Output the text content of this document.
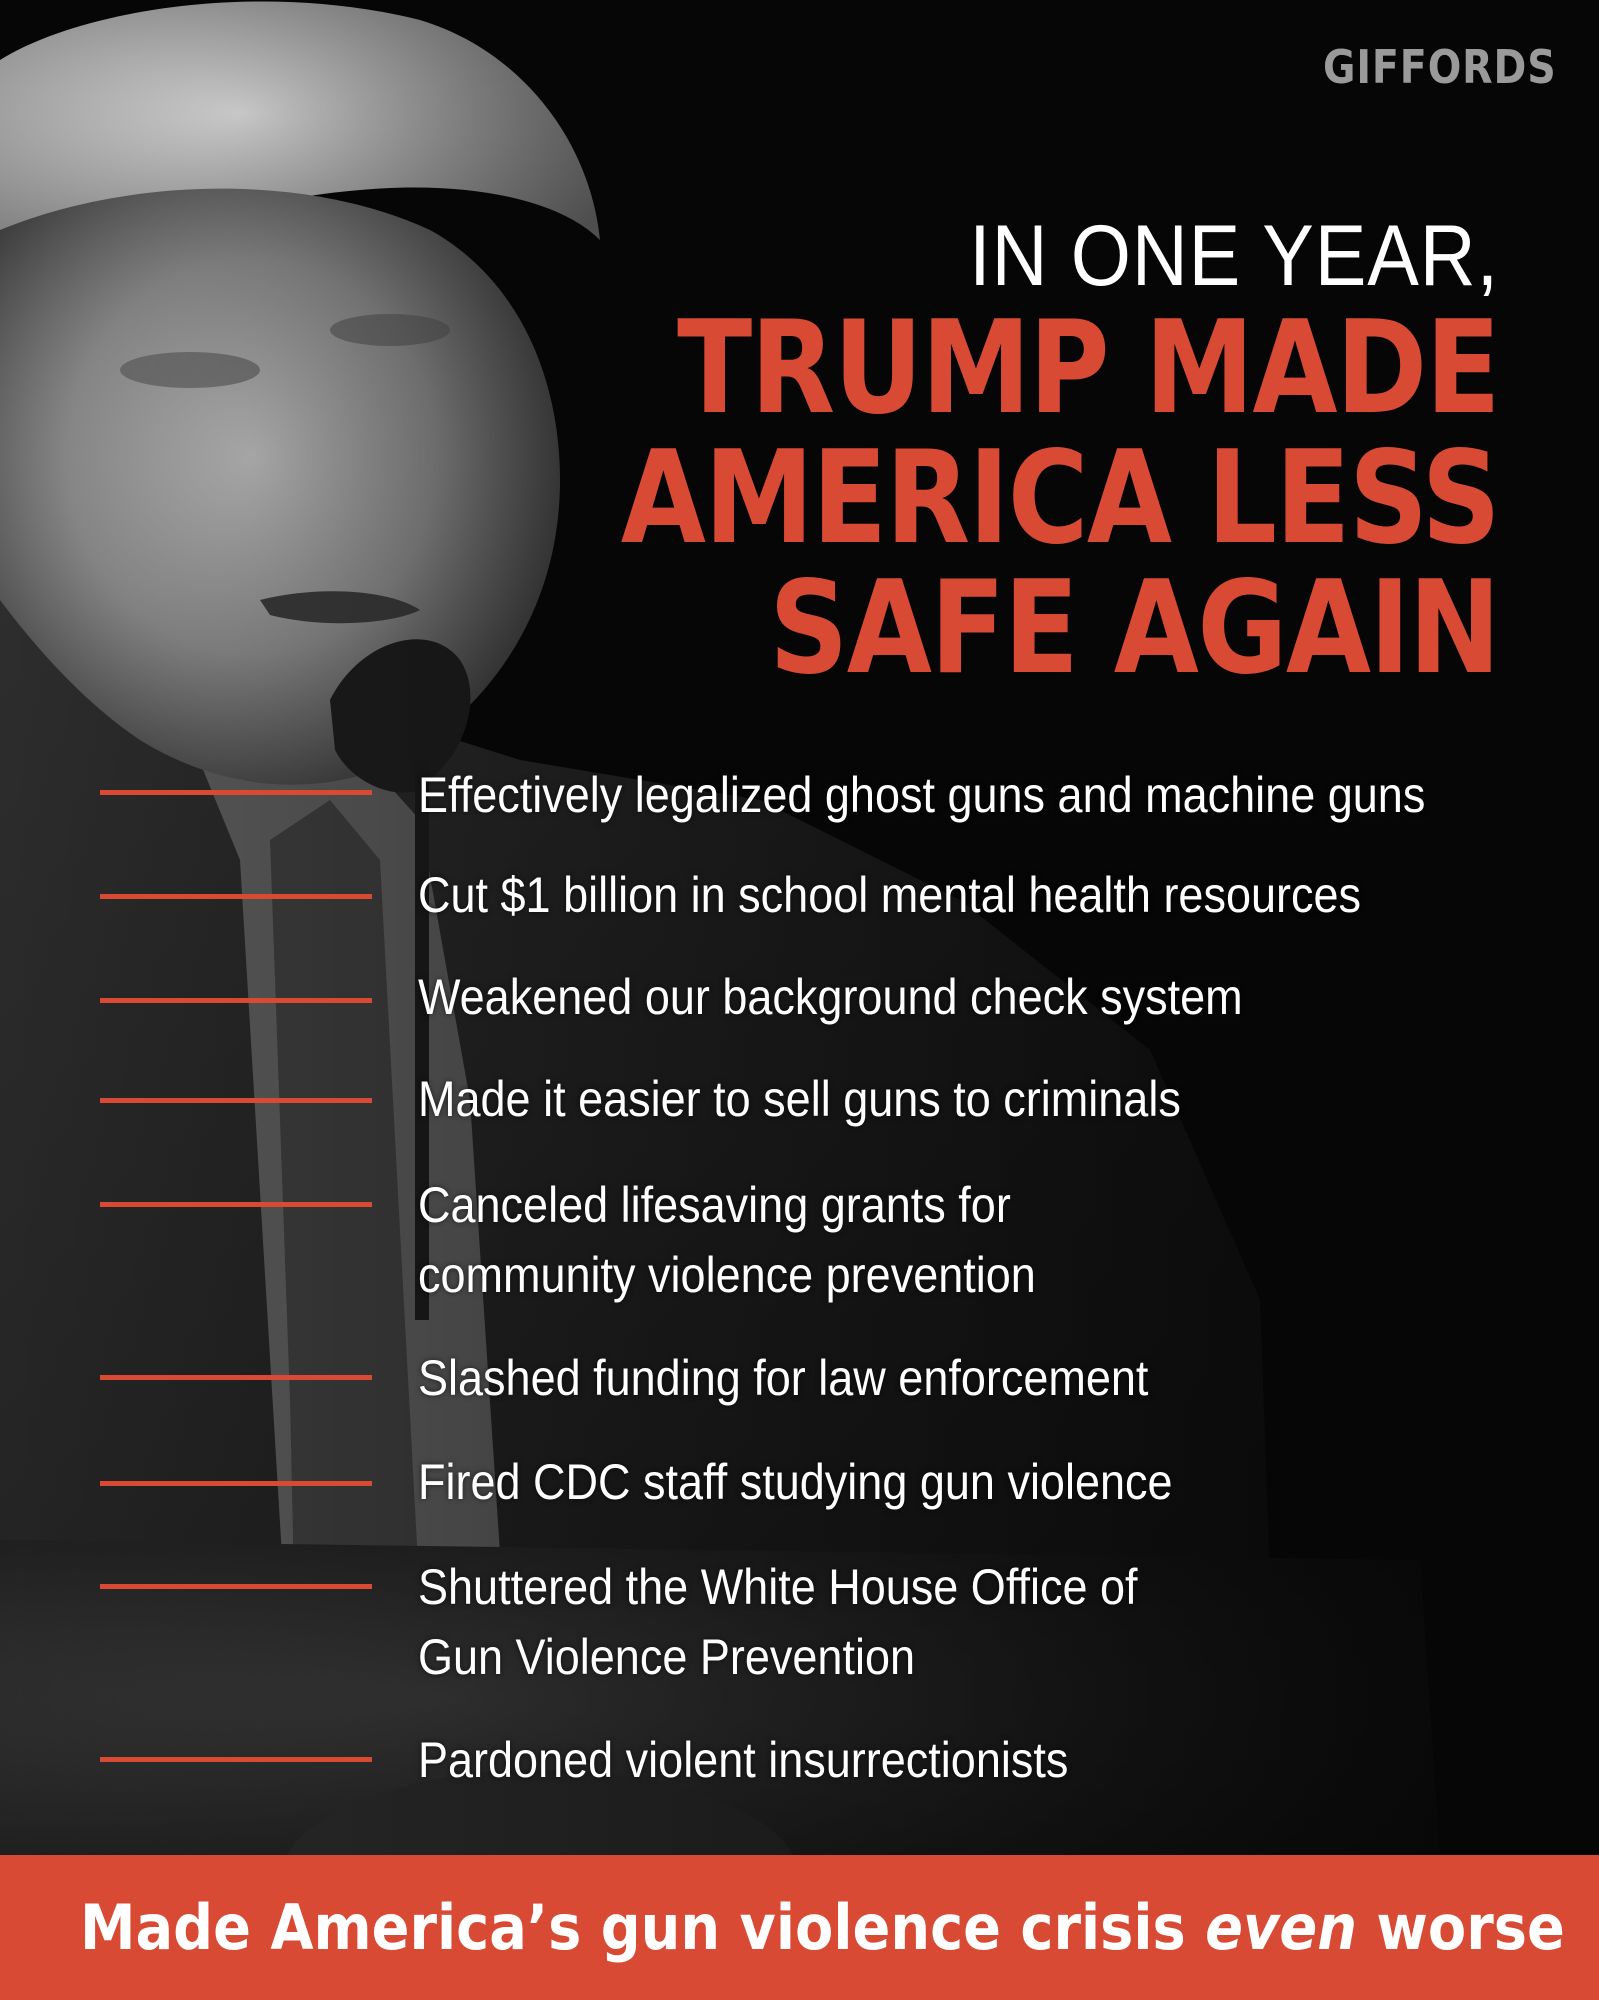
GIFFORDS
IN ONE YEAR,
TRUMP MADE
AMERICA LESS
SAFE AGAIN
Effectively legalized ghost guns and machine guns
Cut $1 billion in school mental health resources
Weakened our background check system
Made it easier to sell guns to criminals
Canceled lifesaving grants for
community violence prevention
Slashed funding for law enforcement
Fired CDC staff studying gun violence
Shuttered the White House Office of
Gun Violence Prevention
Pardoned violent insurrectionists
Made America’s gun violence crisis even worse
